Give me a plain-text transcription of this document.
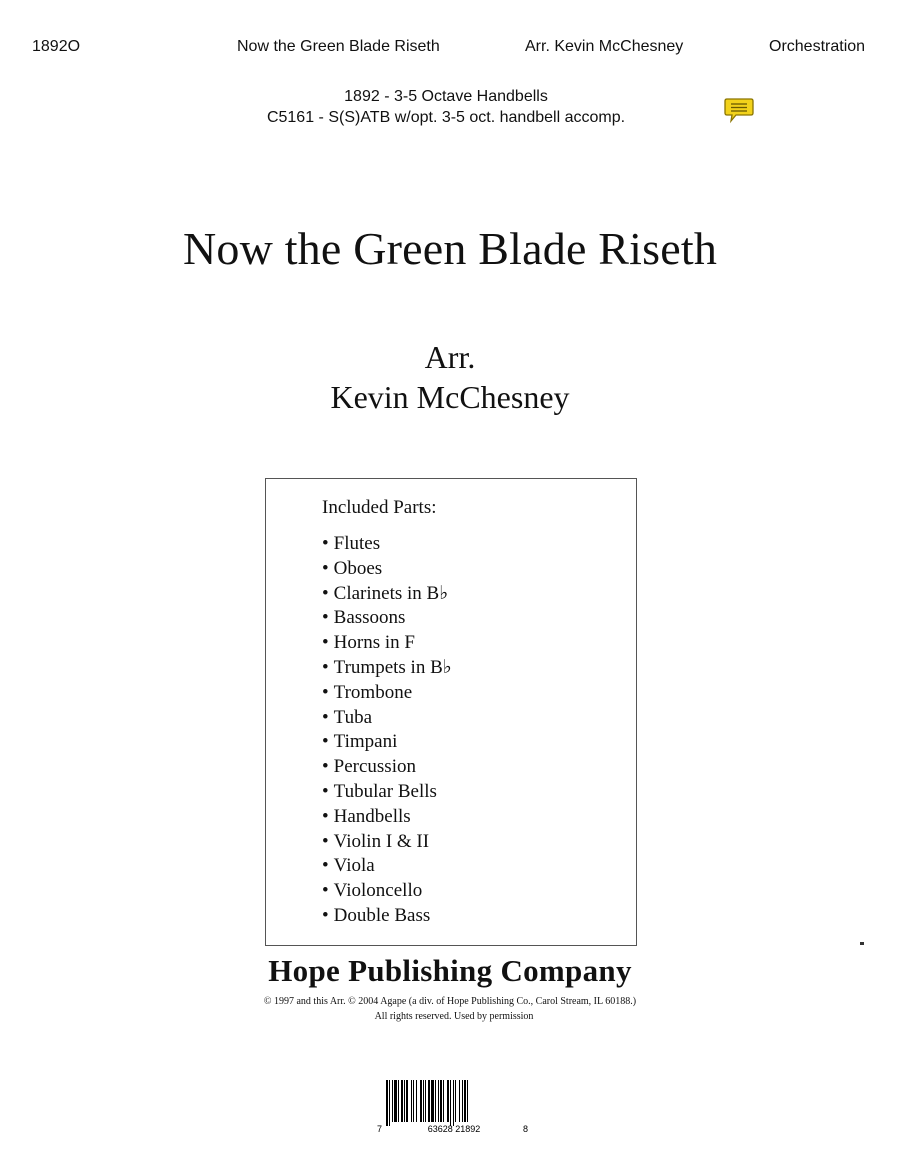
1892O	Now the Green Blade Riseth	Arr. Kevin McChesney	Orchestration
1892 - 3-5 Octave Handbells
C5161 - S(S)ATB w/opt. 3-5 oct. handbell accomp.
Now the Green Blade Riseth
Arr.
Kevin McChesney
Included Parts:
• Flutes
• Oboes
• Clarinets in B♭
• Bassoons
• Horns in F
• Trumpets in B♭
• Trombone
• Tuba
• Timpani
• Percussion
• Tubular Bells
• Handbells
• Violin I & II
• Viola
• Violoncello
• Double Bass
Hope Publishing Company
© 1997 and this Arr. © 2004 Agape (a div. of Hope Publishing Co., Carol Stream, IL 60188.)
All rights reserved. Used by permission
7	63628 21892	8
